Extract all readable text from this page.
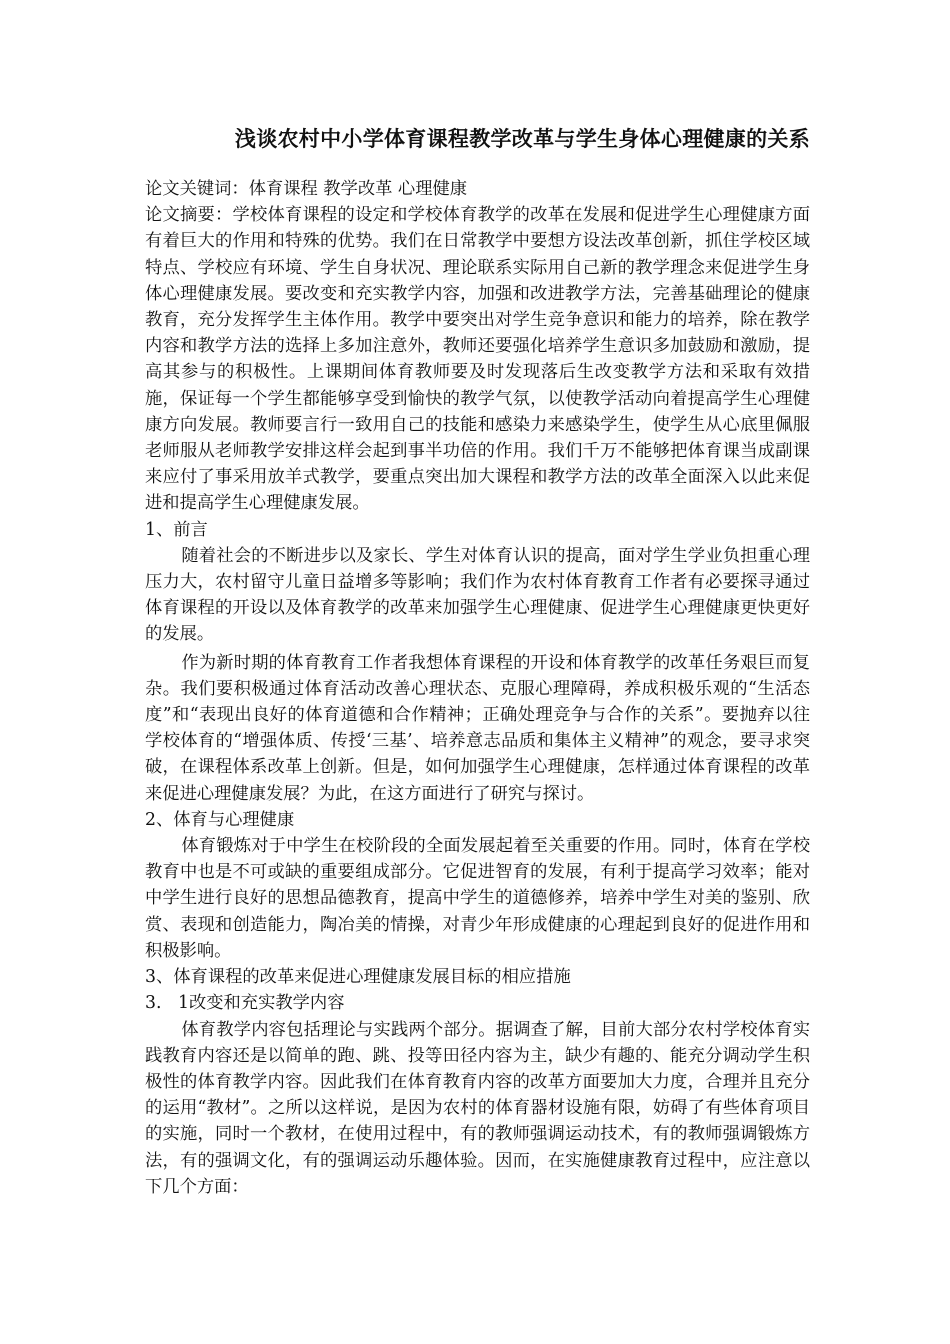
浅谈农村中小学体育课程教学改革与学生身体心理健康的关系

论文关键词：体育课程 教学改革 心理健康

论文摘要：学校体育课程的设定和学校体育教学的改革在发展和促进学生心理健康方面有着巨大的作用和特殊的优势。我们在日常教学中要想方设法改革创新，抓住学校区域特点、学校应有环境、学生自身状况、理论联系实际用自己新的教学理念来促进学生身体心理健康发展。要改变和充实教学内容，加强和改进教学方法，完善基础理论的健康教育，充分发挥学生主体作用。教学中要突出对学生竞争意识和能力的培养，除在教学内容和教学方法的选择上多加注意外，教师还要强化培养学生意识多加鼓励和激励，提高其参与的积极性。上课期间体育教师要及时发现落后生改变教学方法和采取有效措施，保证每一个学生都能够享受到愉快的教学气氛，以使教学活动向着提高学生心理健康方向发展。教师要言行一致用自己的技能和感染力来感染学生，使学生从心底里佩服老师服从老师教学安排这样会起到事半功倍的作用。我们千万不能够把体育课当成副课来应付了事采用放羊式教学，要重点突出加大课程和教学方法的改革全面深入以此来促进和提高学生心理健康发展。

1、前言

随着社会的不断进步以及家长、学生对体育认识的提高，面对学生学业负担重心理压力大，农村留守儿童日益增多等影响；我们作为农村体育教育工作者有必要探寻通过体育课程的开设以及体育教学的改革来加强学生心理健康、促进学生心理健康更快更好的发展。

作为新时期的体育教育工作者我想体育课程的开设和体育教学的改革任务艰巨而复杂。我们要积极通过体育活动改善心理状态、克服心理障碍，养成积极乐观的“生活态度”和“表现出良好的体育道德和合作精神；正确处理竞争与合作的关系”。要抛弃以往学校体育的“增强体质、传授‘三基’、培养意志品质和集体主义精神”的观念，要寻求突破，在课程体系改革上创新。但是，如何加强学生心理健康，怎样通过体育课程的改革来促进心理健康发展？为此，在这方面进行了研究与探讨。

2、体育与心理健康

体育锻炼对于中学生在校阶段的全面发展起着至关重要的作用。同时，体育在学校教育中也是不可或缺的重要组成部分。它促进智育的发展，有利于提高学习效率；能对中学生进行良好的思想品德教育，提高中学生的道德修养，培养中学生对美的鉴别、欣赏、表现和创造能力，陶冶美的情操，对青少年形成健康的心理起到良好的促进作用和积极影响。

3、体育课程的改革来促进心理健康发展目标的相应措施

3.   1改变和充实教学内容

体育教学内容包括理论与实践两个部分。据调查了解，目前大部分农村学校体育实践教育内容还是以简单的跑、跳、投等田径内容为主，缺少有趣的、能充分调动学生积极性的体育教学内容。因此我们在体育教育内容的改革方面要加大力度，合理并且充分的运用“教材”。之所以这样说，是因为农村的体育器材设施有限，妨碍了有些体育项目的实施，同时一个教材，在使用过程中，有的教师强调运动技术，有的教师强调锻炼方法，有的强调文化，有的强调运动乐趣体验。因而，在实施健康教育过程中，应注意以下几个方面：
